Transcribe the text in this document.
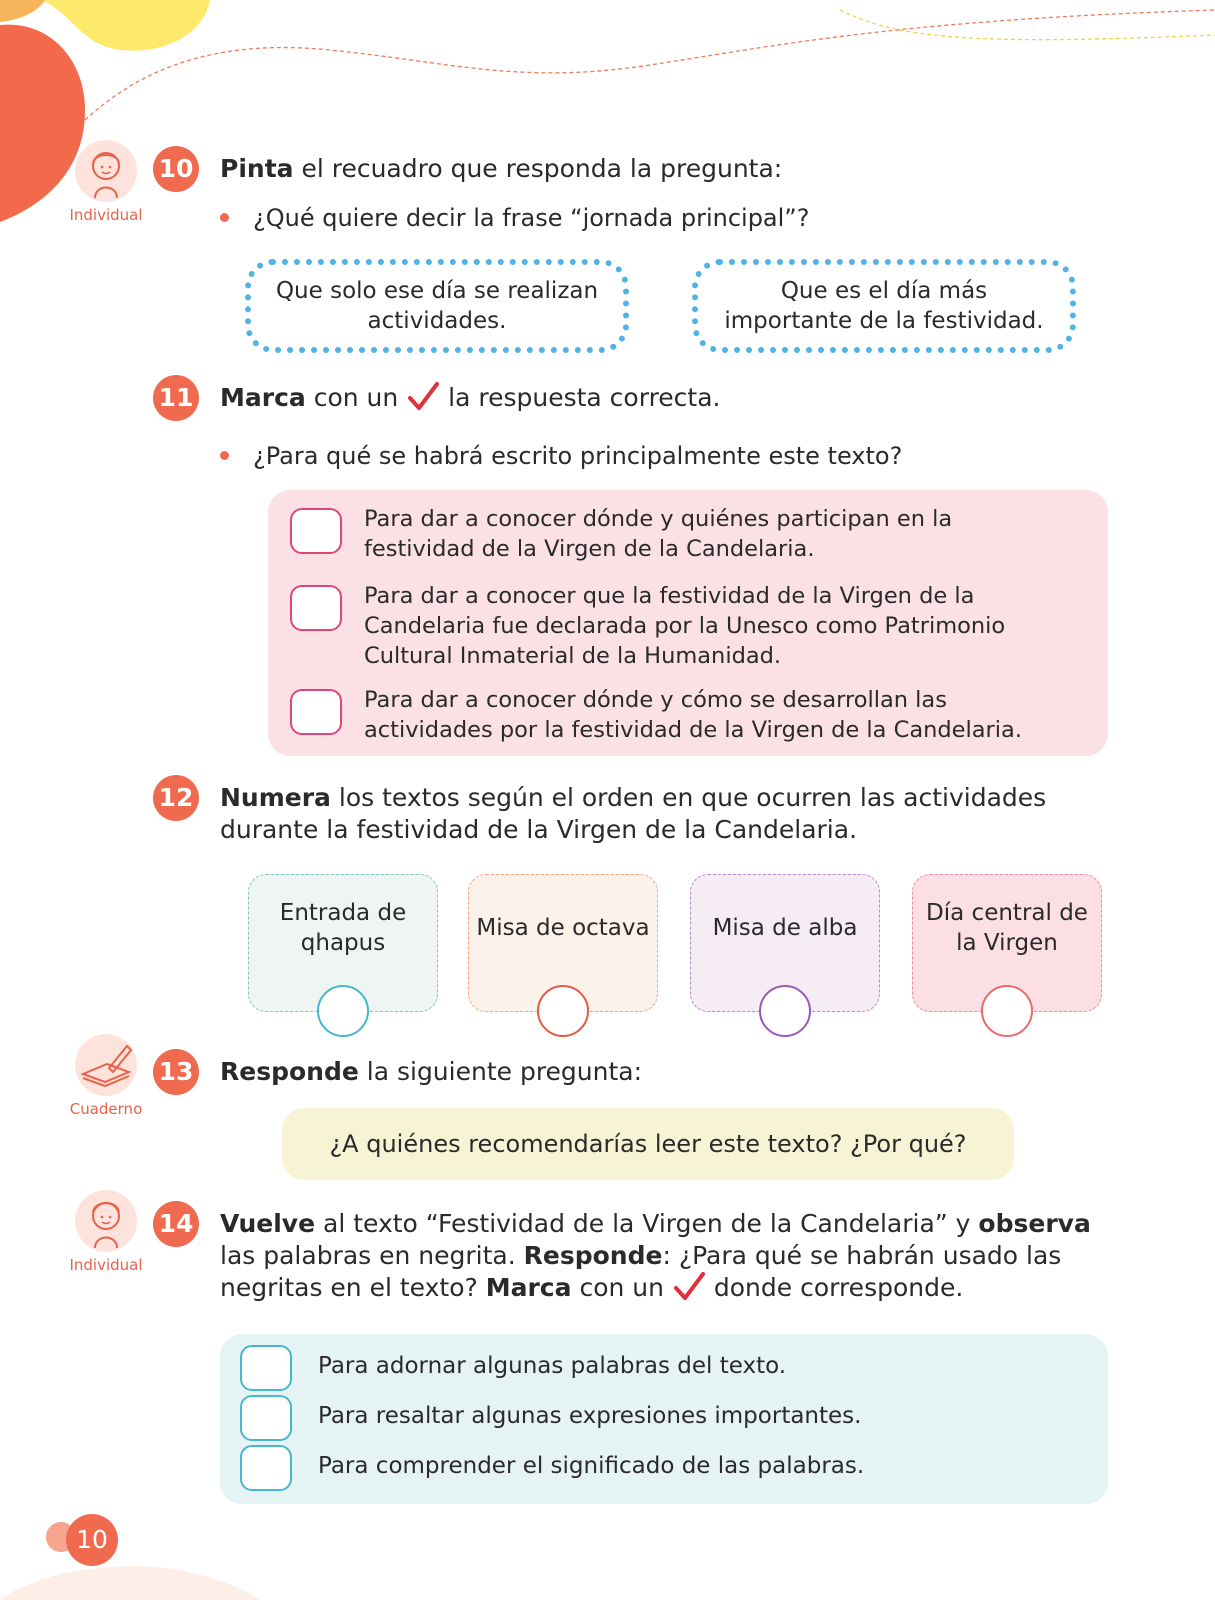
Individual
10 Pinta el recuadro que responda la pregunta:
¿Qué quiere decir la frase “jornada principal”?
Que solo ese día se realizan actividades.
Que es el día más importante de la festividad.
11 Marca con un  la respuesta correcta.
¿Para qué se habrá escrito principalmente este texto?
Para dar a conocer dónde y quiénes participan en la festividad de la Virgen de la Candelaria.
Para dar a conocer que la festividad de la Virgen de la Candelaria fue declarada por la Unesco como Patrimonio Cultural Inmaterial de la Humanidad.
Para dar a conocer dónde y cómo se desarrollan las actividades por la festividad de la Virgen de la Candelaria.
12 Numera los textos según el orden en que ocurren las actividades durante la festividad de la Virgen de la Candelaria.
Entrada de qhapus
Misa de octava	Misa de alba
Día central de la Virgen
Cuaderno
13 Responde la siguiente pregunta:
¿A quiénes recomendarías leer este texto? ¿Por qué?
Individual
14 Vuelve al texto “Festividad de la Virgen de la Candelaria” y observa las palabras en negrita. Responde: ¿Para qué se habrán usado las negritas en el texto? Marca con un  donde corresponde.
Para adornar algunas palabras del texto.
Para resaltar algunas expresiones importantes.
Para comprender el significado de las palabras.
10
